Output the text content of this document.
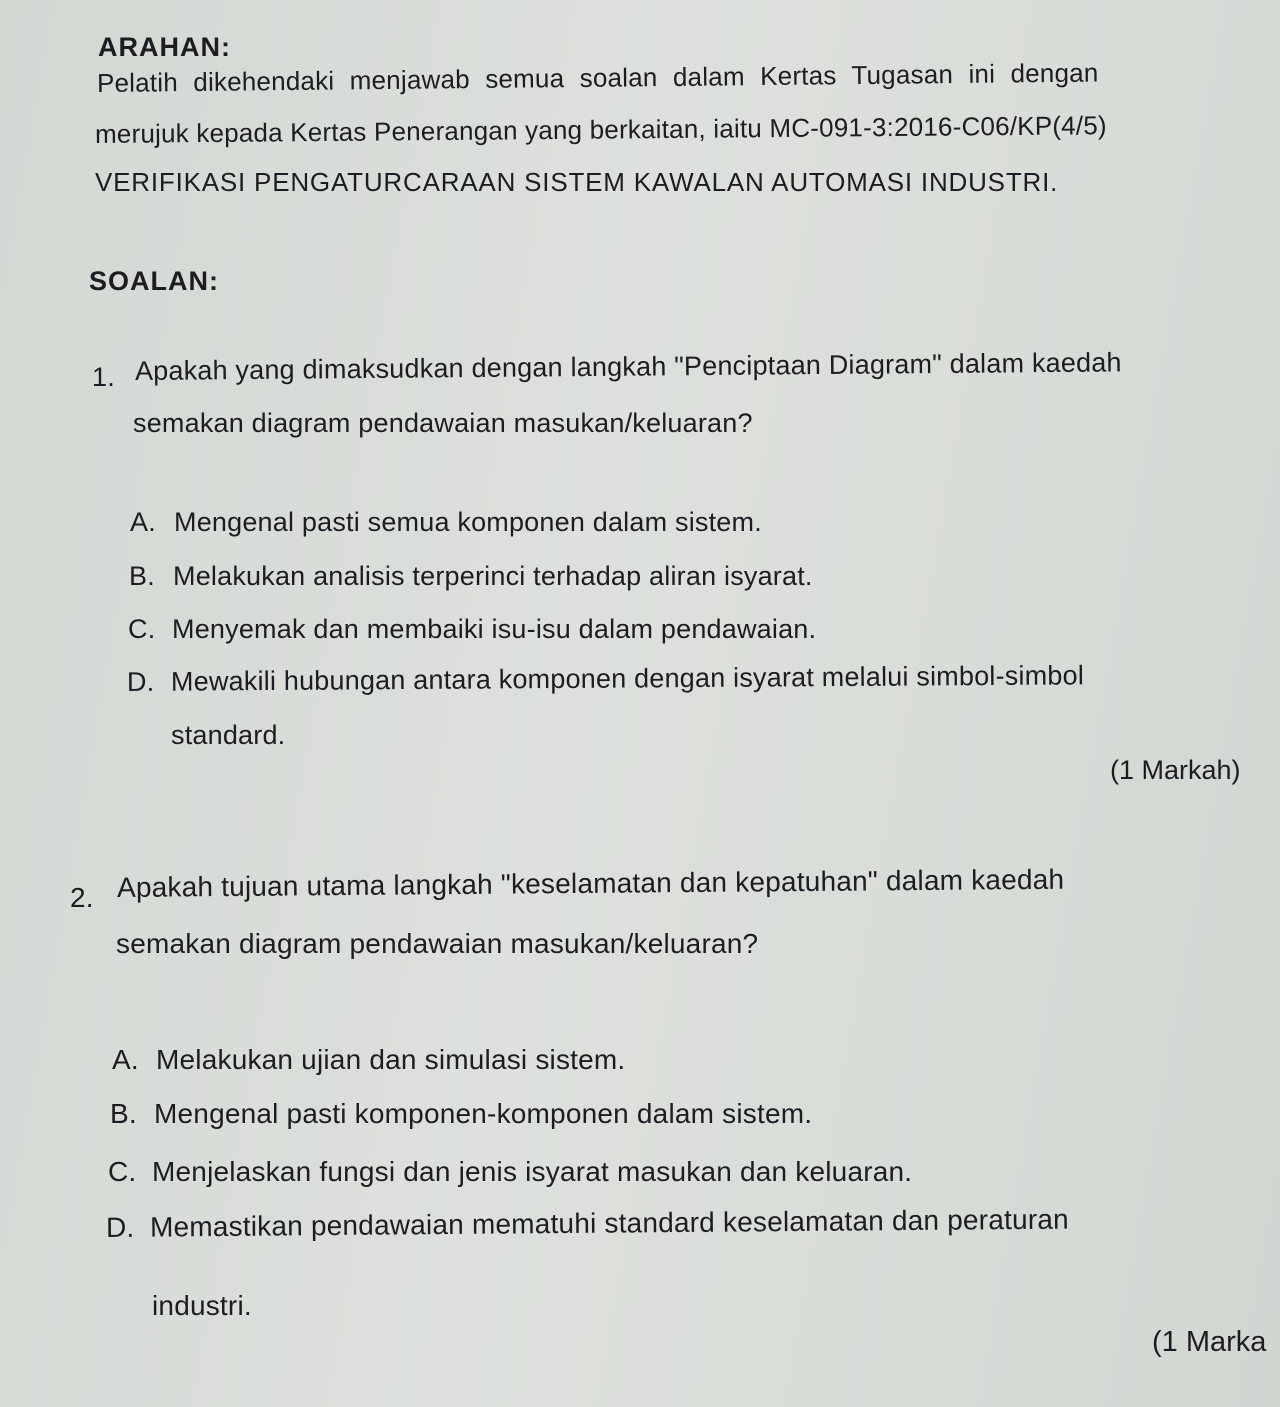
ARAHAN:
Pelatih dikehendaki menjawab semua soalan dalam Kertas Tugasan ini dengan
merujuk kepada Kertas Penerangan yang berkaitan, iaitu MC-091-3:2016-C06/KP(4/5)
VERIFIKASI PENGATURCARAAN SISTEM KAWALAN AUTOMASI INDUSTRI.
SOALAN:
1. Apakah yang dimaksudkan dengan langkah "Penciptaan Diagram" dalam kaedah
semakan diagram pendawaian masukan/keluaran?
A. Mengenal pasti semua komponen dalam sistem.
B. Melakukan analisis terperinci terhadap aliran isyarat.
C. Menyemak dan membaiki isu-isu dalam pendawaian.
D. Mewakili hubungan antara komponen dengan isyarat melalui simbol-simbol
standard.
(1 Markah)
2. Apakah tujuan utama langkah "keselamatan dan kepatuhan" dalam kaedah
semakan diagram pendawaian masukan/keluaran?
A. Melakukan ujian dan simulasi sistem.
B. Mengenal pasti komponen-komponen dalam sistem.
C. Menjelaskan fungsi dan jenis isyarat masukan dan keluaran.
D. Memastikan pendawaian mematuhi standard keselamatan dan peraturan
industri.
(1 Marka
